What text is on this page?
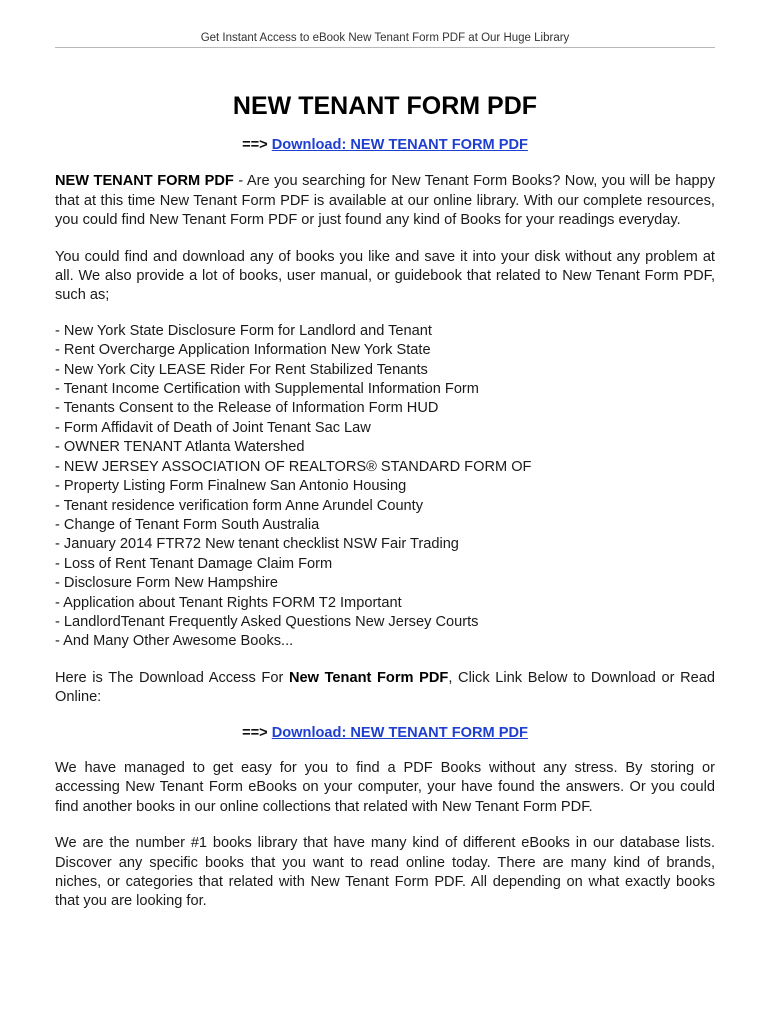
Get Instant Access to eBook New Tenant Form PDF at Our Huge Library
NEW TENANT FORM PDF
==> Download: NEW TENANT FORM PDF

NEW TENANT FORM PDF - Are you searching for New Tenant Form Books? Now, you will be happy that at this time New Tenant Form PDF is available at our online library. With our complete resources, you could find New Tenant Form PDF or just found any kind of Books for your readings everyday.

You could find and download any of books you like and save it into your disk without any problem at all. We also provide a lot of books, user manual, or guidebook that related to New Tenant Form PDF, such as;

- New York State Disclosure Form for Landlord and Tenant
- Rent Overcharge Application Information New York State
- New York City LEASE Rider For Rent Stabilized Tenants
- Tenant Income Certification with Supplemental Information Form
- Tenants Consent to the Release of Information Form HUD
- Form Affidavit of Death of Joint Tenant Sac Law
- OWNER TENANT Atlanta Watershed
- NEW JERSEY ASSOCIATION OF REALTORS® STANDARD FORM OF
- Property Listing Form Finalnew San Antonio Housing
- Tenant residence verification form Anne Arundel County
- Change of Tenant Form South Australia
- January 2014 FTR72 New tenant checklist NSW Fair Trading
- Loss of Rent Tenant Damage Claim Form
- Disclosure Form New Hampshire
- Application about Tenant Rights FORM T2 Important
- LandlordTenant Frequently Asked Questions New Jersey Courts
- And Many Other Awesome Books...

Here is The Download Access For New Tenant Form PDF, Click Link Below to Download or Read Online:

==> Download: NEW TENANT FORM PDF

We have managed to get easy for you to find a PDF Books without any stress. By storing or accessing New Tenant Form eBooks on your computer, your have found the answers. Or you could find another books in our online collections that related with New Tenant Form PDF.

We are the number #1 books library that have many kind of different eBooks in our database lists. Discover any specific books that you want to read online today. There are many kind of brands, niches, or categories that related with New Tenant Form PDF. All depending on what exactly books that you are looking for.
